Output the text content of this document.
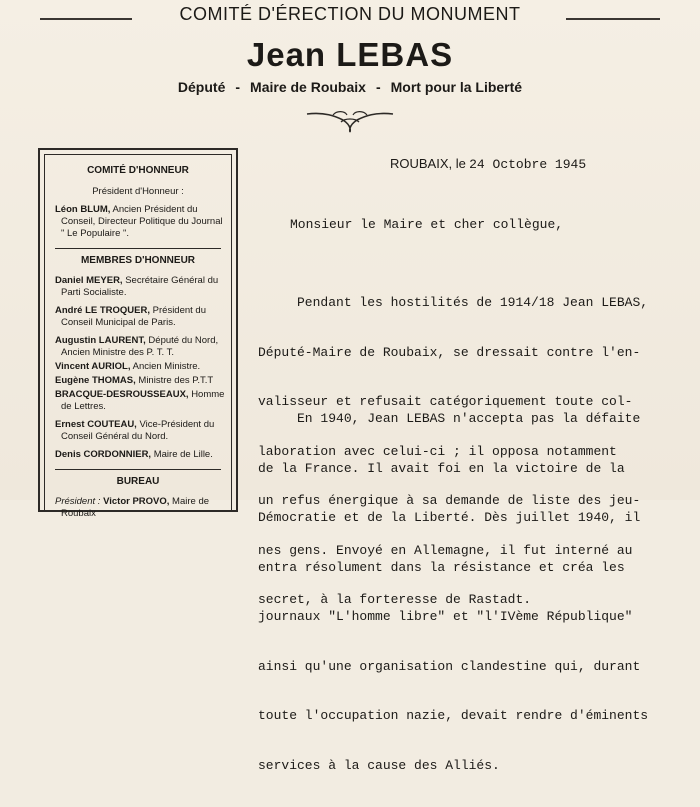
COMITÉ D'ÉRECTION DU MONUMENT
Jean LEBAS
Député - Maire de Roubaix - Mort pour la Liberté
COMITÉ D'HONNEUR
Président d'Honneur :
Léon BLUM, Ancien Président du Conseil, Directeur Politique du Journal " Le Populaire ".
MEMBRES D'HONNEUR
Daniel MEYER, Secrétaire Général du Parti Socialiste.
André LE TROQUER, Président du Conseil Municipal de Paris.
Augustin LAURENT, Député du Nord, Ancien Ministre des P. T. T.
Vincent AURIOL, Ancien Ministre.
Eugène THOMAS, Ministre des P.T.T
BRACQUE-DESROUSSEAUX, Homme de Lettres.
Ernest COUTEAU, Vice-Président du Conseil Général du Nord.
Denis CORDONNIER, Maire de Lille.
BUREAU
Président : Victor PROVO, Maire de Roubaix
ROUBAIX, le 24 Octobre 1945
Monsieur le Maire et cher collègue,

Pendant les hostilités de 1914/18 Jean LEBAS,

Député-Maire de Roubaix, se dressait contre l'en-

valisseur et refusait catégoriquement toute col-

laboration avec celui-ci ; il opposa notamment

un refus énergique à sa demande de liste des jeu-

nes gens. Envoyé en Allemagne, il fut interné au

secret, à la forteresse de Rastadt.

En 1940, Jean LEBAS n'accepta pas la défaite

de la France. Il avait foi en la victoire de la

Démocratie et de la Liberté. Dès juillet 1940, il

entra résolument dans la résistance et créa les

journaux "L'homme libre" et "l'IVème République"

ainsi qu'une organisation clandestine qui, durant

toute l'occupation nazie, devait rendre d'éminents

services à la cause des Alliés.
